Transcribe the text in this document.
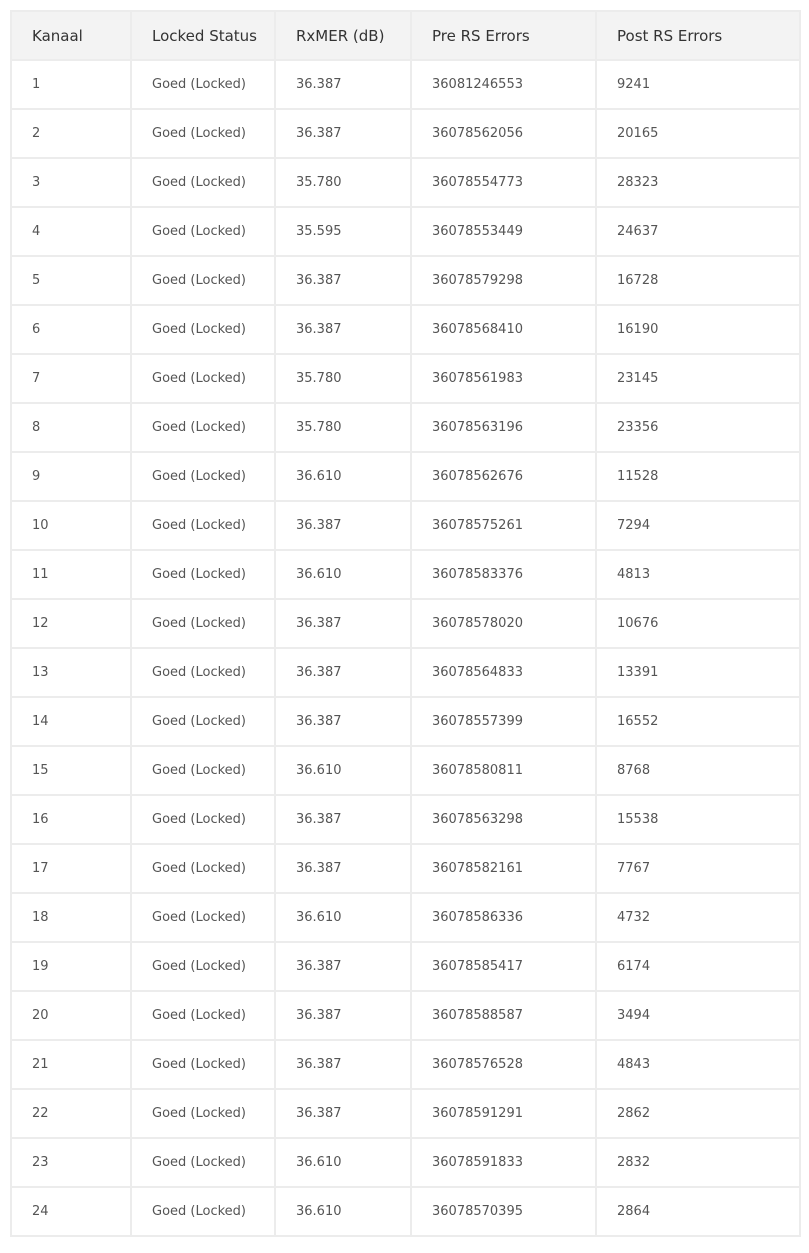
Kanaal	Locked Status	RxMER (dB)	Pre RS Errors	Post RS Errors
1	Goed (Locked)	36.387	36081246553	9241
2	Goed (Locked)	36.387	36078562056	20165
3	Goed (Locked)	35.780	36078554773	28323
4	Goed (Locked)	35.595	36078553449	24637
5	Goed (Locked)	36.387	36078579298	16728
6	Goed (Locked)	36.387	36078568410	16190
7	Goed (Locked)	35.780	36078561983	23145
8	Goed (Locked)	35.780	36078563196	23356
9	Goed (Locked)	36.610	36078562676	11528
10	Goed (Locked)	36.387	36078575261	7294
11	Goed (Locked)	36.610	36078583376	4813
12	Goed (Locked)	36.387	36078578020	10676
13	Goed (Locked)	36.387	36078564833	13391
14	Goed (Locked)	36.387	36078557399	16552
15	Goed (Locked)	36.610	36078580811	8768
16	Goed (Locked)	36.387	36078563298	15538
17	Goed (Locked)	36.387	36078582161	7767
18	Goed (Locked)	36.610	36078586336	4732
19	Goed (Locked)	36.387	36078585417	6174
20	Goed (Locked)	36.387	36078588587	3494
21	Goed (Locked)	36.387	36078576528	4843
22	Goed (Locked)	36.387	36078591291	2862
23	Goed (Locked)	36.610	36078591833	2832
24	Goed (Locked)	36.610	36078570395	2864
